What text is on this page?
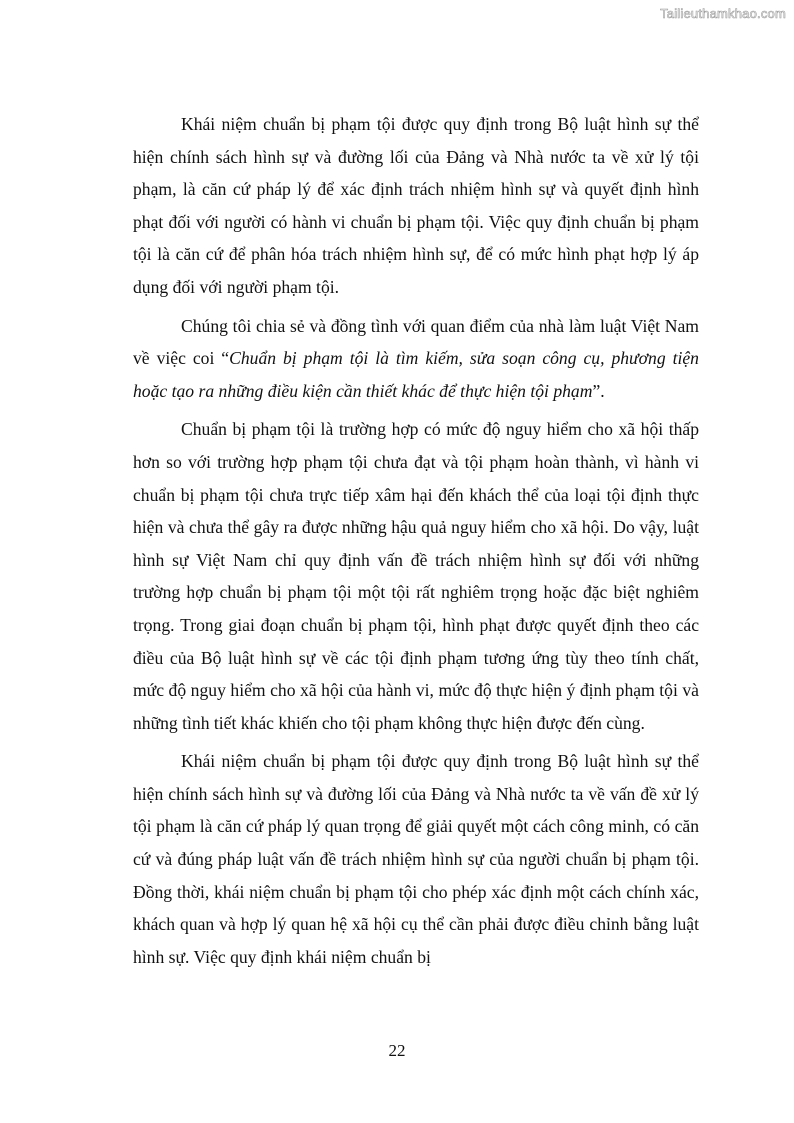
Tailieuthamkhao.com

Khái niệm chuẩn bị phạm tội được quy định trong Bộ luật hình sự thể hiện chính sách hình sự và đường lối của Đảng và Nhà nước ta về xử lý tội phạm, là căn cứ pháp lý để xác định trách nhiệm hình sự và quyết định hình phạt đối với người có hành vi chuẩn bị phạm tội. Việc quy định chuẩn bị phạm tội là căn cứ để phân hóa trách nhiệm hình sự, để có mức hình phạt hợp lý áp dụng đối với người phạm tội.

Chúng tôi chia sẻ và đồng tình với quan điểm của nhà làm luật Việt Nam về việc coi “Chuẩn bị phạm tội là tìm kiếm, sửa soạn công cụ, phương tiện hoặc tạo ra những điều kiện cần thiết khác để thực hiện tội phạm”.

Chuẩn bị phạm tội là trường hợp có mức độ nguy hiểm cho xã hội thấp hơn so với trường hợp phạm tội chưa đạt và tội phạm hoàn thành, vì hành vi chuẩn bị phạm tội chưa trực tiếp xâm hại đến khách thể của loại tội định thực hiện và chưa thể gây ra được những hậu quả nguy hiểm cho xã hội. Do vậy, luật hình sự Việt Nam chỉ quy định vấn đề trách nhiệm hình sự đối với những trường hợp chuẩn bị phạm tội một tội rất nghiêm trọng hoặc đặc biệt nghiêm trọng. Trong giai đoạn chuẩn bị phạm tội, hình phạt được quyết định theo các điều của Bộ luật hình sự về các tội định phạm tương ứng tùy theo tính chất, mức độ nguy hiểm cho xã hội của hành vi, mức độ thực hiện ý định phạm tội và những tình tiết khác khiến cho tội phạm không thực hiện được đến cùng.

Khái niệm chuẩn bị phạm tội được quy định trong Bộ luật hình sự thể hiện chính sách hình sự và đường lối của Đảng và Nhà nước ta về vấn đề xử lý tội phạm là căn cứ pháp lý quan trọng để giải quyết một cách công minh, có căn cứ và đúng pháp luật vấn đề trách nhiệm hình sự của người chuẩn bị phạm tội. Đồng thời, khái niệm chuẩn bị phạm tội cho phép xác định một cách chính xác, khách quan và hợp lý quan hệ xã hội cụ thể cần phải được điều chỉnh bằng luật hình sự. Việc quy định khái niệm chuẩn bị

22
